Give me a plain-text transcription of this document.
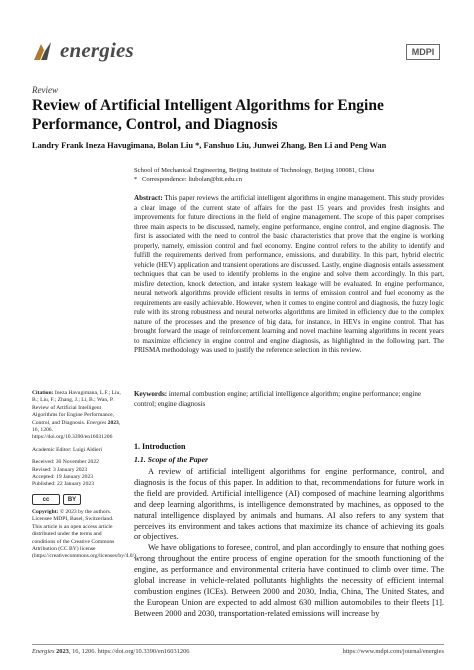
energies	MDPI
Review
Review of Artificial Intelligent Algorithms for Engine Performance, Control, and Diagnosis
Landry Frank Ineza Havugimana, Bolan Liu *, Fanshuo Liu, Junwei Zhang, Ben Li and Peng Wan
School of Mechanical Engineering, Beijing Institute of Technology, Beijing 100081, China
* Correspondence: liubolan@bit.edu.cn
Abstract: This paper reviews the artificial intelligent algorithms in engine management. This study provides a clear image of the current state of affairs for the past 15 years and provides fresh insights and improvements for future directions in the field of engine management. The scope of this paper comprises three main aspects to be discussed, namely, engine performance, engine control, and engine diagnosis. The first is associated with the need to control the basic characteristics that prove that the engine is working properly, namely, emission control and fuel economy. Engine control refers to the ability to identify and fulfill the requirements derived from performance, emissions, and durability. In this part, hybrid electric vehicle (HEV) application and transient operations are discussed. Lastly, engine diagnosis entails assessment techniques that can be used to identify problems in the engine and solve them accordingly. In this part, misfire detection, knock detection, and intake system leakage will be evaluated. In engine performance, neural network algorithms provide efficient results in terms of emission control and fuel economy as the requirements are easily achievable. However, when it comes to engine control and diagnosis, the fuzzy logic rule with its strong robustness and neural networks algorithms are limited in efficiency due to the complex nature of the processes and the presence of big data, for instance, in HEVs in engine control. That has brought forward the usage of reinforcement learning and novel machine learning algorithms in recent years to maximize efficiency in engine control and engine diagnosis, as highlighted in the following part. The PRISMA methodology was used to justify the reference selection in this review.
Keywords: internal combustion engine; artificial intelligence algorithm; engine performance; engine control; engine diagnosis
Citation: Ineza Havugimana, L.F.; Liu, B.; Liu, F.; Zhang, J.; Li, B.; Wan, P. Review of Artificial Intelligent Algorithms for Engine Performance, Control, and Diagnosis. Energies 2023, 16, 1206. https://doi.org/10.3390/en16031206
Academic Editor: Luigi Aldieri
Received: 30 November 2022
Revised: 3 January 2023
Accepted: 19 January 2023
Published: 22 January 2023
cc	BY
Copyright: © 2023 by the authors. Licensee MDPI, Basel, Switzerland. This article is an open access article distributed under the terms and conditions of the Creative Commons Attribution (CC BY) license (https://creativecommons.org/licenses/by/4.0/).
1. Introduction
1.1. Scope of the Paper

A review of artificial intelligent algorithms for engine performance, control, and diagnosis is the focus of this paper. In addition to that, recommendations for future work in the field are provided. Artificial intelligence (AI) composed of machine learning algorithms and deep learning algorithms, is intelligence demonstrated by machines, as opposed to the natural intelligence displayed by animals and humans. AI also refers to any system that perceives its environment and takes actions that maximize its chance of achieving its goals or objectives.

We have obligations to foresee, control, and plan accordingly to ensure that nothing goes wrong throughout the entire process of engine operation for the smooth functioning of the engine, as performance and environmental criteria have continued to climb over time. The global increase in vehicle-related pollutants highlights the necessity of efficient internal combustion engines (ICEs). Between 2000 and 2030, India, China, The United States, and the European Union are expected to add almost 630 million automobiles to their fleets [1]. Between 2000 and 2030, transportation-related emissions will increase by

Energies 2023, 16, 1206. https://doi.org/10.3390/en16031206	https://www.mdpi.com/journal/energies
